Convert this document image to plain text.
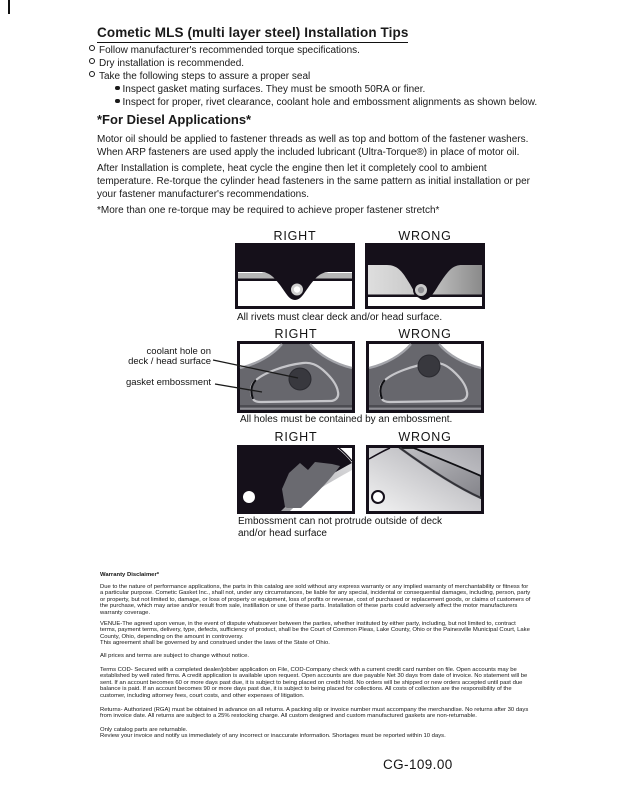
Cometic MLS (multi layer steel) Installation Tips
Follow manufacturer's recommended torque specifications.
Dry installation is recommended.
Take the following steps to assure a proper seal
Inspect gasket mating surfaces. They must be smooth 50RA or finer.
Inspect for proper, rivet clearance, coolant hole and embossment alignments as shown below.
*For Diesel Applications*
Motor oil should be applied to fastener threads as well as top and bottom of the fastener washers. When ARP fasteners are used apply the included lubricant (Ultra-Torque®) in place of motor oil.
After Installation is complete, heat cycle the engine then let it completely cool to ambient temperature. Re-torque the cylinder head fasteners in the same pattern as initial installation or per your fastener manufacturer's recommendations.
*More than one re-torque may be required to achieve proper fastener stretch*
RIGHT	WRONG
All rivets must clear deck and/or head surface.
RIGHT	WRONG
coolant hole on
deck / head surface
gasket embossment
All holes must be contained by an embossment.
RIGHT	WRONG
Embossment can not protrude outside of deck
and/or head surface

Warranty Disclaimer*

Due to the nature of performance applications, the parts in this catalog are sold without any express warranty or any implied warranty of merchantability or fitness for a particular purpose. Cometic Gasket Inc., shall not, under any circumstances, be liable for any special, incidental or consequential damages, including, person, party or property, but not limited to, damage, or loss of property or equipment, loss of profits or revenue, cost of purchased or replacement goods, or claims of customers of the purchase, which may arise and/or result from sale, instillation or use of these parts. Installation of these parts could adversely affect the motor manufacturers warranty coverage.

VENUE-The agreed upon venue, in the event of dispute whatsoever between the parties, whether instituted by either party, including, but not limited to, contract terms, payment terms, delivery, type, defects, sufficiency of product, shall be the Court of Common Pleas, Lake County, Ohio or the Painesville Municipal Court, Lake County, Ohio, depending on the amount in controversy.

This agreement shall be governed by and construed under the laws of the State of Ohio.

All prices and terms are subject to change without notice.

Terms COD- Secured with a completed dealer/jobber application on File, COD-Company check with a current credit card number on file. Open accounts may be established by well rated firms. A credit application is available upon request. Open accounts are due payable Net 30 days from date of invoice. No statement will be sent. If an account becomes 60 or more days past due, it is subject to being placed on credit hold. No orders will be shipped or new orders accepted until past due balance is paid. If an account becomes 90 or more days past due, it is subject to being placed for collections. All costs of collection are the responsibility of the customer, including attorney fees, court costs, and other expenses of litigation.

Returns- Authorized (RGA) must be obtained in advance on all returns. A packing slip or invoice number must accompany the merchandise. No returns after 30 days from invoice date. All returns are subject to a 25% restocking charge. All custom designed and custom manufactured gaskets are non-returnable.

Only catalog parts are returnable.

Review your invoice and notify us immediately of any incorrect or inaccurate information. Shortages must be reported within 10 days.

CG-109.00
